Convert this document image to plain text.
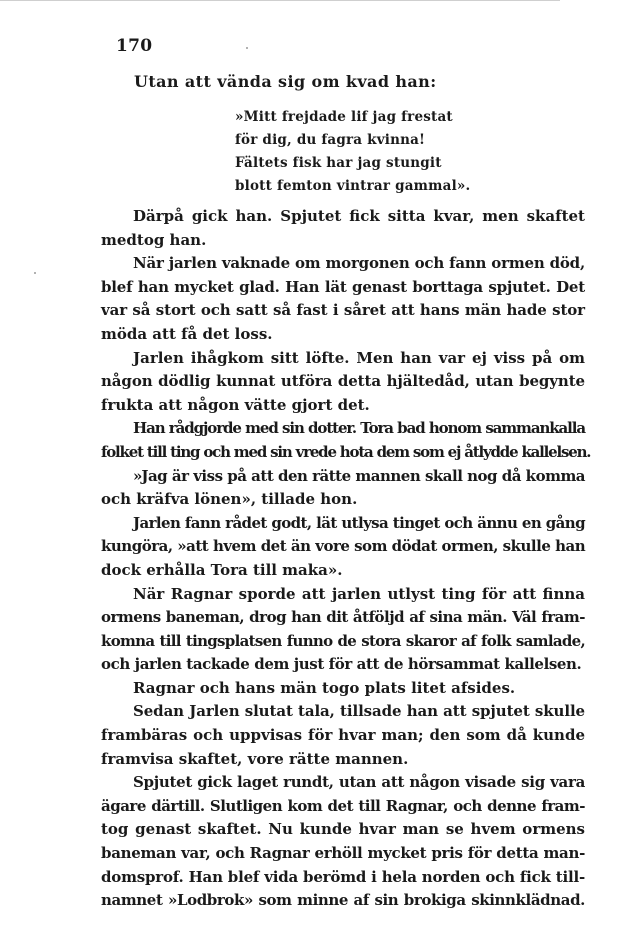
170
Utan att vända sig om kvad han:
»Mitt frejdade lif jag frestat
för dig, du fagra kvinna!
Fältets fisk har jag stungit
blott femton vintrar gammal».
Därpå gick han. Spjutet fick sitta kvar, men skaftet
medtog han.
När jarlen vaknade om morgonen och fann ormen död,
blef han mycket glad. Han lät genast borttaga spjutet. Det
var så stort och satt så fast i såret att hans män hade stor
möda att få det loss.
Jarlen ihågkom sitt löfte. Men han var ej viss på om
någon dödlig kunnat utföra detta hjältedåd, utan begynte
frukta att någon vätte gjort det.
Han rådgjorde med sin dotter. Tora bad honom sammankalla
folket till ting och med sin vrede hota dem som ej åtlydde kallelsen.
»Jag är viss på att den rätte mannen skall nog då komma
och kräfva lönen», tillade hon.
Jarlen fann rådet godt, lät utlysa tinget och ännu en gång
kungöra, »att hvem det än vore som dödat ormen, skulle han
dock erhålla Tora till maka».
När Ragnar sporde att jarlen utlyst ting för att finna
ormens baneman, drog han dit åtföljd af sina män. Väl fram-
komna till tingsplatsen funno de stora skaror af folk samlade,
och jarlen tackade dem just för att de hörsammat kallelsen.
Ragnar och hans män togo plats litet afsides.
Sedan Jarlen slutat tala, tillsade han att spjutet skulle
frambäras och uppvisas för hvar man; den som då kunde
framvisa skaftet, vore rätte mannen.
Spjutet gick laget rundt, utan att någon visade sig vara
ägare därtill. Slutligen kom det till Ragnar, och denne fram-
tog genast skaftet. Nu kunde hvar man se hvem ormens
baneman var, och Ragnar erhöll mycket pris för detta man-
domsprof. Han blef vida berömd i hela norden och fick till-
namnet »Lodbrok» som minne af sin brokiga skinnklädnad.
